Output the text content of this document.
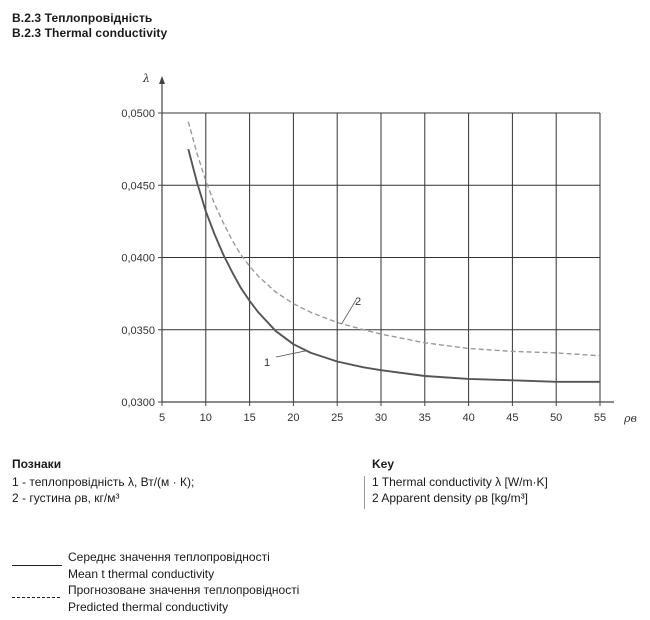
B.2.3 Теплопровідність
B.2.3 Thermal conductivity
0,0300
0,0350
0,0400
0,0450
0,0500
5	10	15	20	25	30	35	40	45	50	55
λ
ρв
1
2
Познаки
1 - теплопровідність λ, Вт/(м · К);
2 - густина ρв, кг/м³
Key
1 Thermal conductivity λ [W/m·K]
2 Apparent density ρв [kg/m³]
Середнє значення теплопровідності
Mean t thermal conductivity
Прогнозоване значення теплопровідності
Predicted thermal conductivity
